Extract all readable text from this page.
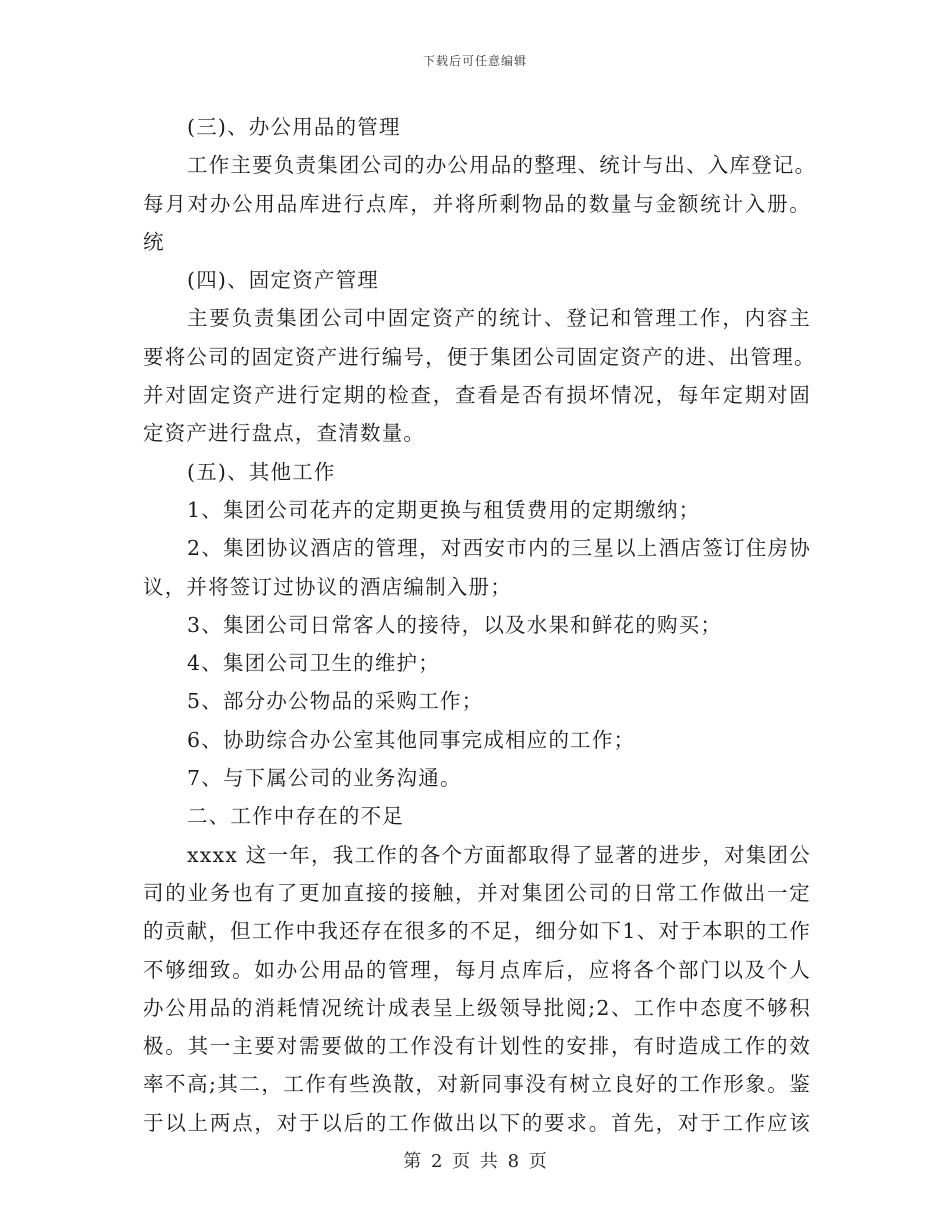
下载后可任意编辑
(三)、办公用品的管理
工作主要负责集团公司的办公用品的整理、统计与出、入库登记。
每月对办公用品库进行点库，并将所剩物品的数量与金额统计入册。
统
(四)、固定资产管理
主要负责集团公司中固定资产的统计、登记和管理工作，内容主
要将公司的固定资产进行编号，便于集团公司固定资产的进、出管理。
并对固定资产进行定期的检查，查看是否有损坏情况，每年定期对固
定资产进行盘点，查清数量。
(五)、其他工作
1、集团公司花卉的定期更换与租赁费用的定期缴纳；
2、集团协议酒店的管理，对西安市内的三星以上酒店签订住房协
议，并将签订过协议的酒店编制入册；
3、集团公司日常客人的接待，以及水果和鲜花的购买；
4、集团公司卫生的维护；
5、部分办公物品的采购工作；
6、协助综合办公室其他同事完成相应的工作；
7、与下属公司的业务沟通。
二、工作中存在的不足
xxxx 这一年，我工作的各个方面都取得了显著的进步，对集团公
司的业务也有了更加直接的接触，并对集团公司的日常工作做出一定
的贡献，但工作中我还存在很多的不足，细分如下1、对于本职的工作
不够细致。如办公用品的管理，每月点库后，应将各个部门以及个人
办公用品的消耗情况统计成表呈上级领导批阅;2、工作中态度不够积
极。其一主要对需要做的工作没有计划性的安排，有时造成工作的效
率不高;其二，工作有些涣散，对新同事没有树立良好的工作形象。鉴
于以上两点，对于以后的工作做出以下的要求。首先，对于工作应该
第 2 页 共 8 页
